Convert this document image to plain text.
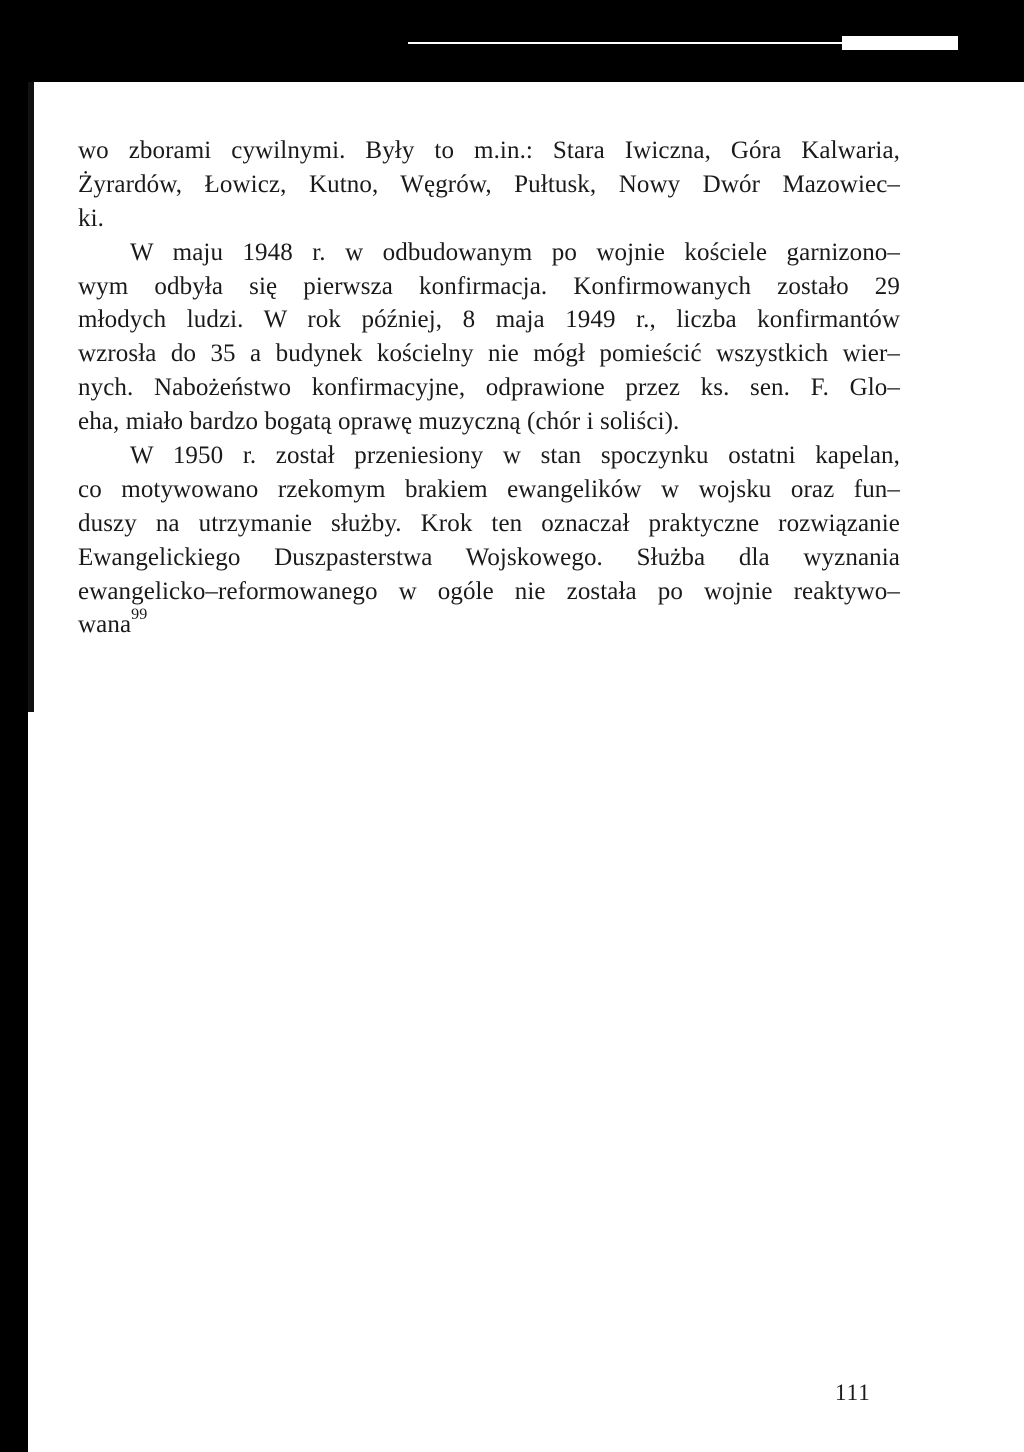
wo zborami cywilnymi. Były to m.in.: Stara Iwiczna, Góra Kalwaria,
Żyrardów, Łowicz, Kutno, Węgrów, Pułtusk, Nowy Dwór Mazowiec–
ki.
W maju 1948 r. w odbudowanym po wojnie kościele garnizono–
wym odbyła się pierwsza konfirmacja. Konfirmowanych zostało 29
młodych ludzi. W rok później, 8 maja 1949 r., liczba konfirmantów
wzrosła do 35 a budynek kościelny nie mógł pomieścić wszystkich wier–
nych. Nabożeństwo konfirmacyjne, odprawione przez ks. sen. F. Glo–
eha, miało bardzo bogatą oprawę muzyczną (chór i soliści).
W 1950 r. został przeniesiony w stan spoczynku ostatni kapelan,
co motywowano rzekomym brakiem ewangelików w wojsku oraz fun–
duszy na utrzymanie służby. Krok ten oznaczał praktyczne rozwiązanie
Ewangelickiego Duszpasterstwa Wojskowego. Służba dla wyznania
ewangelicko–reformowanego w ogóle nie została po wojnie reaktywo–
wana$^{99}$
111
